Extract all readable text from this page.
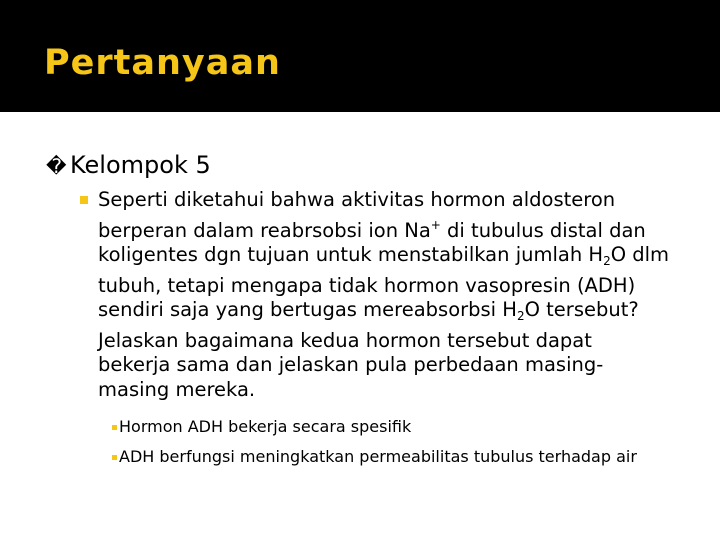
Pertanyaan
� Kelompok 5
Seperti diketahui bahwa aktivitas hormon aldosteron berperan dalam reabrsobsi ion Na+ di tubulus distal dan koligentes dgn tujuan untuk menstabilkan jumlah $H_2O$ dlm tubuh, tetapi mengapa tidak hormon vasopresin (ADH) sendiri saja yang bertugas mereabsorbsi $H_2O$ tersebut? Jelaskan bagaimana kedua hormon tersebut dapat bekerja sama dan jelaskan pula perbedaan masing-masing mereka.
Hormon ADH bekerja secara spesifik
ADH berfungsi meningkatkan permeabilitas tubulus terhadap air
